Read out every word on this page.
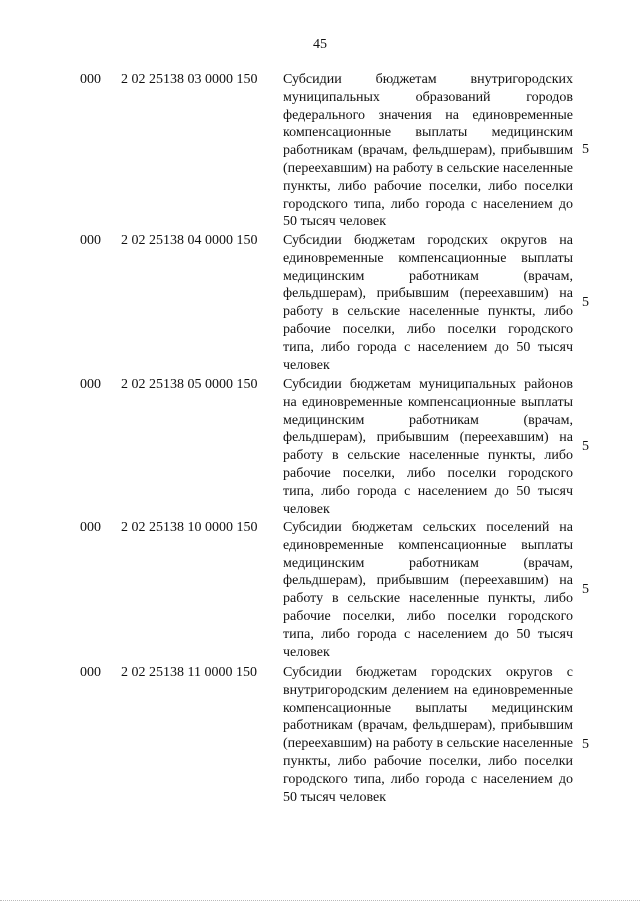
45
000 2 02 25138 03 0000 150 Субсидии бюджетам внутригородских муниципальных образований городов федерального значения на единовременные компенсационные выплаты медицинским работникам (врачам, фельдшерам), прибывшим (переехавшим) на работу в сельские населенные пункты, либо рабочие поселки, либо поселки городского типа, либо города с населением до 50 тысяч человек
5
000 2 02 25138 04 0000 150 Субсидии бюджетам городских округов на единовременные компенсационные выплаты медицинским работникам (врачам, фельдшерам), прибывшим (переехавшим) на работу в сельские населенные пункты, либо рабочие поселки, либо поселки городского типа, либо города с населением до 50 тысяч человек
5
000 2 02 25138 05 0000 150 Субсидии бюджетам муниципальных районов на единовременные компенсационные выплаты медицинским работникам (врачам, фельдшерам), прибывшим (переехавшим) на работу в сельские населенные пункты, либо рабочие поселки, либо поселки городского типа, либо города с населением до 50 тысяч человек
5
000 2 02 25138 10 0000 150 Субсидии бюджетам сельских поселений на единовременные компенсационные выплаты медицинским работникам (врачам, фельдшерам), прибывшим (переехавшим) на работу в сельские населенные пункты, либо рабочие поселки, либо поселки городского типа, либо города с населением до 50 тысяч человек
5
000 2 02 25138 11 0000 150 Субсидии бюджетам городских округов с внутригородским делением на единовременные компенсационные выплаты медицинским работникам (врачам, фельдшерам), прибывшим (переехавшим) на работу в сельские населенные пункты, либо рабочие поселки, либо поселки городского типа, либо города с населением до 50 тысяч человек
5
